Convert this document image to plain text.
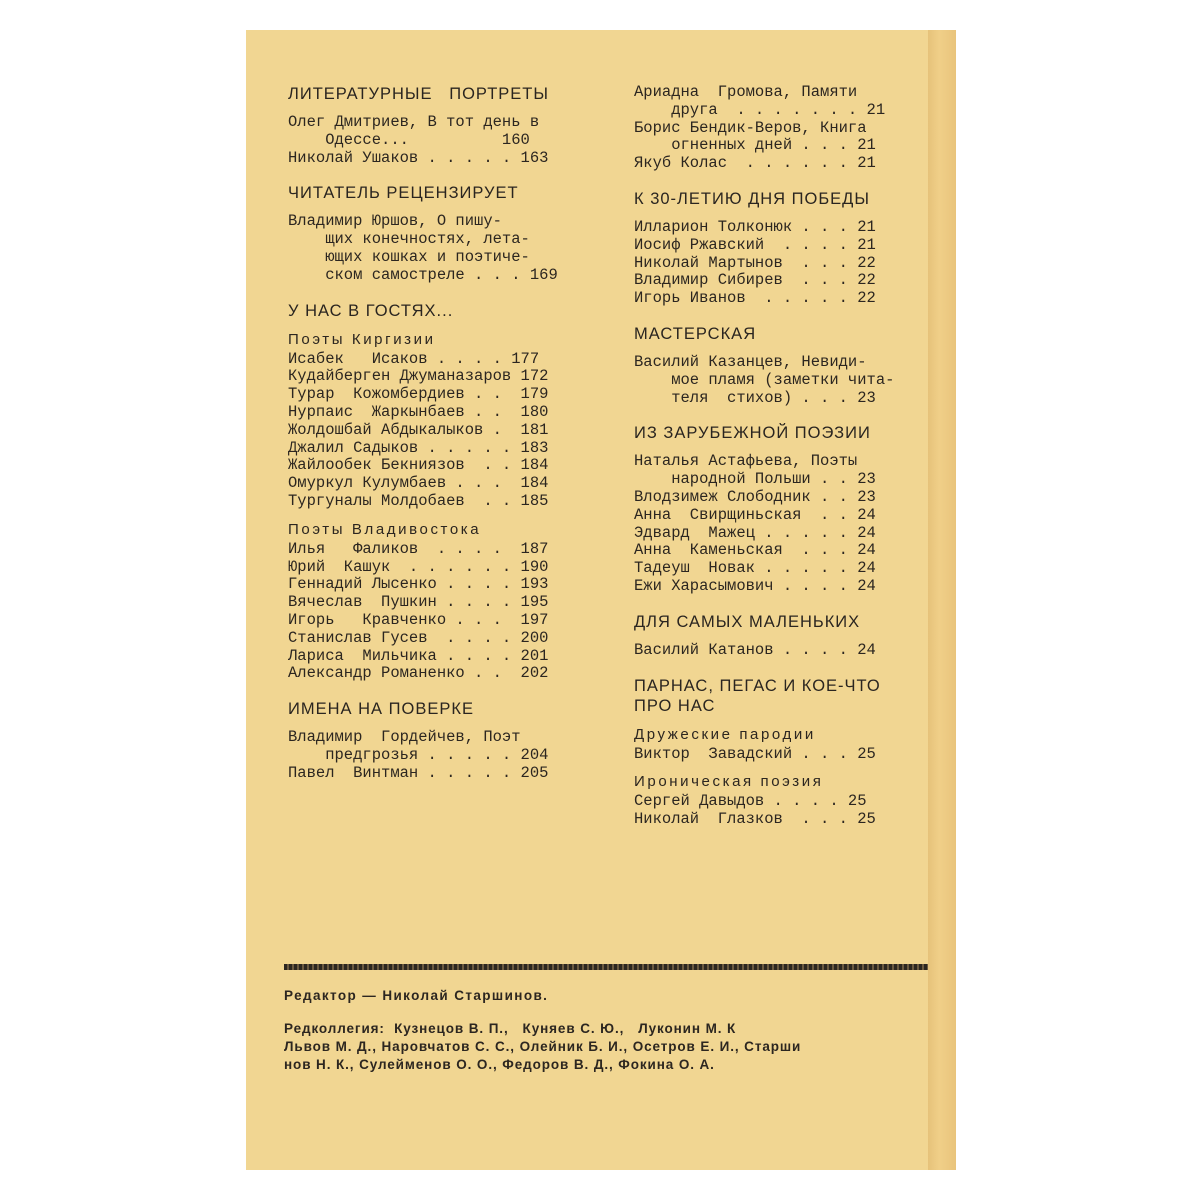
ЛИТЕРАТУРНЫЕ   ПОРТРЕТЫ
Олег Дмитриев, В тот день в
Одессе...          160
Николай Ушаков . . . . . 163
ЧИТАТЕЛЬ РЕЦЕНЗИРУЕТ
Владимир Юршов, О пишу-
щих конечностях, лета-
ющих кошках и поэтиче-
ском самостреле . . . 169
У НАС В ГОСТЯХ...
Поэты Киргизии
Исабек   Исаков . . . . 177
Кудайберген Джуманазаров 172
Турар  Кожомбердиев . .  179
Нурпаис  Жаркынбаев . .  180
Жолдошбай Абдыкалыков .  181
Джалил Садыков . . . . . 183
Жайлообек Бекниязов  . . 184
Омуркул Кулумбаев . . .  184
Тургуналы Молдобаев  . . 185
Поэты Владивостока
Илья   Фаликов  . . . .  187
Юрий  Кашук  . . . . . . 190
Геннадий Лысенко . . . . 193
Вячеслав  Пушкин . . . . 195
Игорь   Кравченко . . .  197
Станислав Гусев  . . . . 200
Лариса  Мильчика . . . . 201
Александр Романенко . .  202
ИМЕНА НА ПОВЕРКЕ
Владимир  Гордейчев, Поэт
предгрозья . . . . . 204
Павел  Винтман . . . . . 205
Ариадна  Громова, Памяти
друга  . . . . . . . 21
Борис Бендик-Веров, Книга
огненных дней . . . 21
Якуб Колас  . . . . . . 21
К 30-ЛЕТИЮ ДНЯ ПОБЕДЫ
Илларион Толконюк . . . 21
Иосиф Ржавский  . . . . 21
Николай Мартынов  . . . 22
Владимир Сибирев  . . . 22
Игорь Иванов  . . . . . 22
МАСТЕРСКАЯ
Василий Казанцев, Невиди-
мое пламя (заметки чита-
теля  стихов) . . . 23
ИЗ ЗАРУБЕЖНОЙ ПОЭЗИИ
Наталья Астафьева, Поэты
народной Польши . . 23
Влодзимеж Слободник . . 23
Анна  Свирщиньская  . . 24
Эдвард  Мажец . . . . . 24
Анна  Каменьская  . . . 24
Тадеуш  Новак . . . . . 24
Ежи Харасымович . . . . 24
ДЛЯ САМЫХ МАЛЕНЬКИХ
Василий Катанов . . . . 24
ПАРНАС, ПЕГАС И КОЕ-ЧТО
ПРО НАС
Дружеские пародии
Виктор  Завадский . . . 25
Ироническая поэзия
Сергей Давыдов . . . . 25
Николай  Глазков  . . . 25
Редактор — Николай Старшинов.
Редколлегия:  Кузнецов В. П.,   Куняев С. Ю.,   Луконин М. К
Львов М. Д., Наровчатов С. С., Олейник Б. И., Осетров Е. И., Старши
нов Н. К., Сулейменов О. О., Федоров В. Д., Фокина О. А.
